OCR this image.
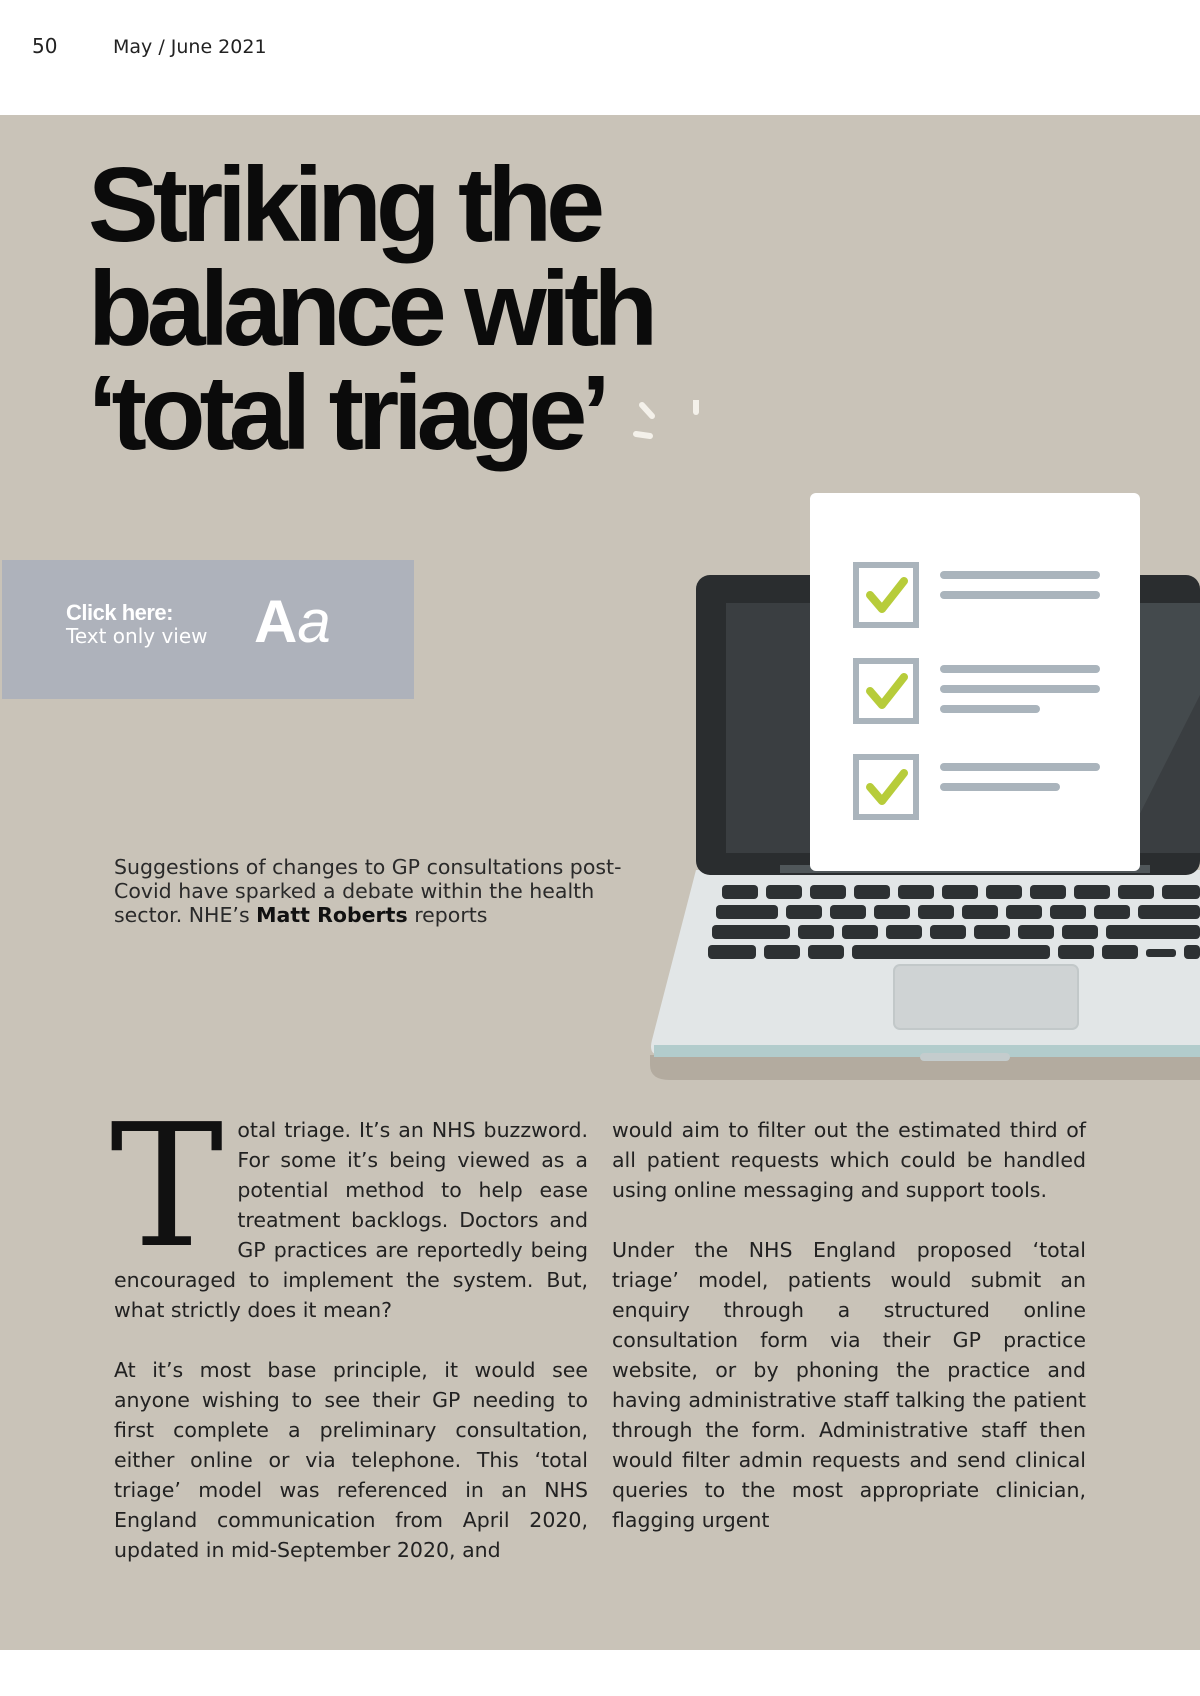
50	May / June 2021
Striking the
balance with
‘total triage’
Click here:
Text only view Aa

Suggestions of changes to GP consultations post-Covid have sparked a debate within the health sector. NHE’s Matt Roberts reports

Total triage. It’s an NHS buzzword. For some it’s being viewed as a potential method to help ease treatment backlogs. Doctors and GP practices are reportedly being encouraged to implement the system. But, what strictly does it mean?

At it’s most base principle, it would see anyone wishing to see their GP needing to first complete a preliminary consultation, either online or via telephone. This ‘total triage’ model was referenced in an NHS England communication from April 2020, updated in mid-September 2020, and

would aim to filter out the estimated third of all patient requests which could be handled using online messaging and support tools.

Under the NHS England proposed ‘total triage’ model, patients would submit an enquiry through a structured online consultation form via their GP practice website, or by phoning the practice and having administrative staff talking the patient through the form. Administrative staff then would filter admin requests and send clinical queries to the most appropriate clinician, flagging urgent
